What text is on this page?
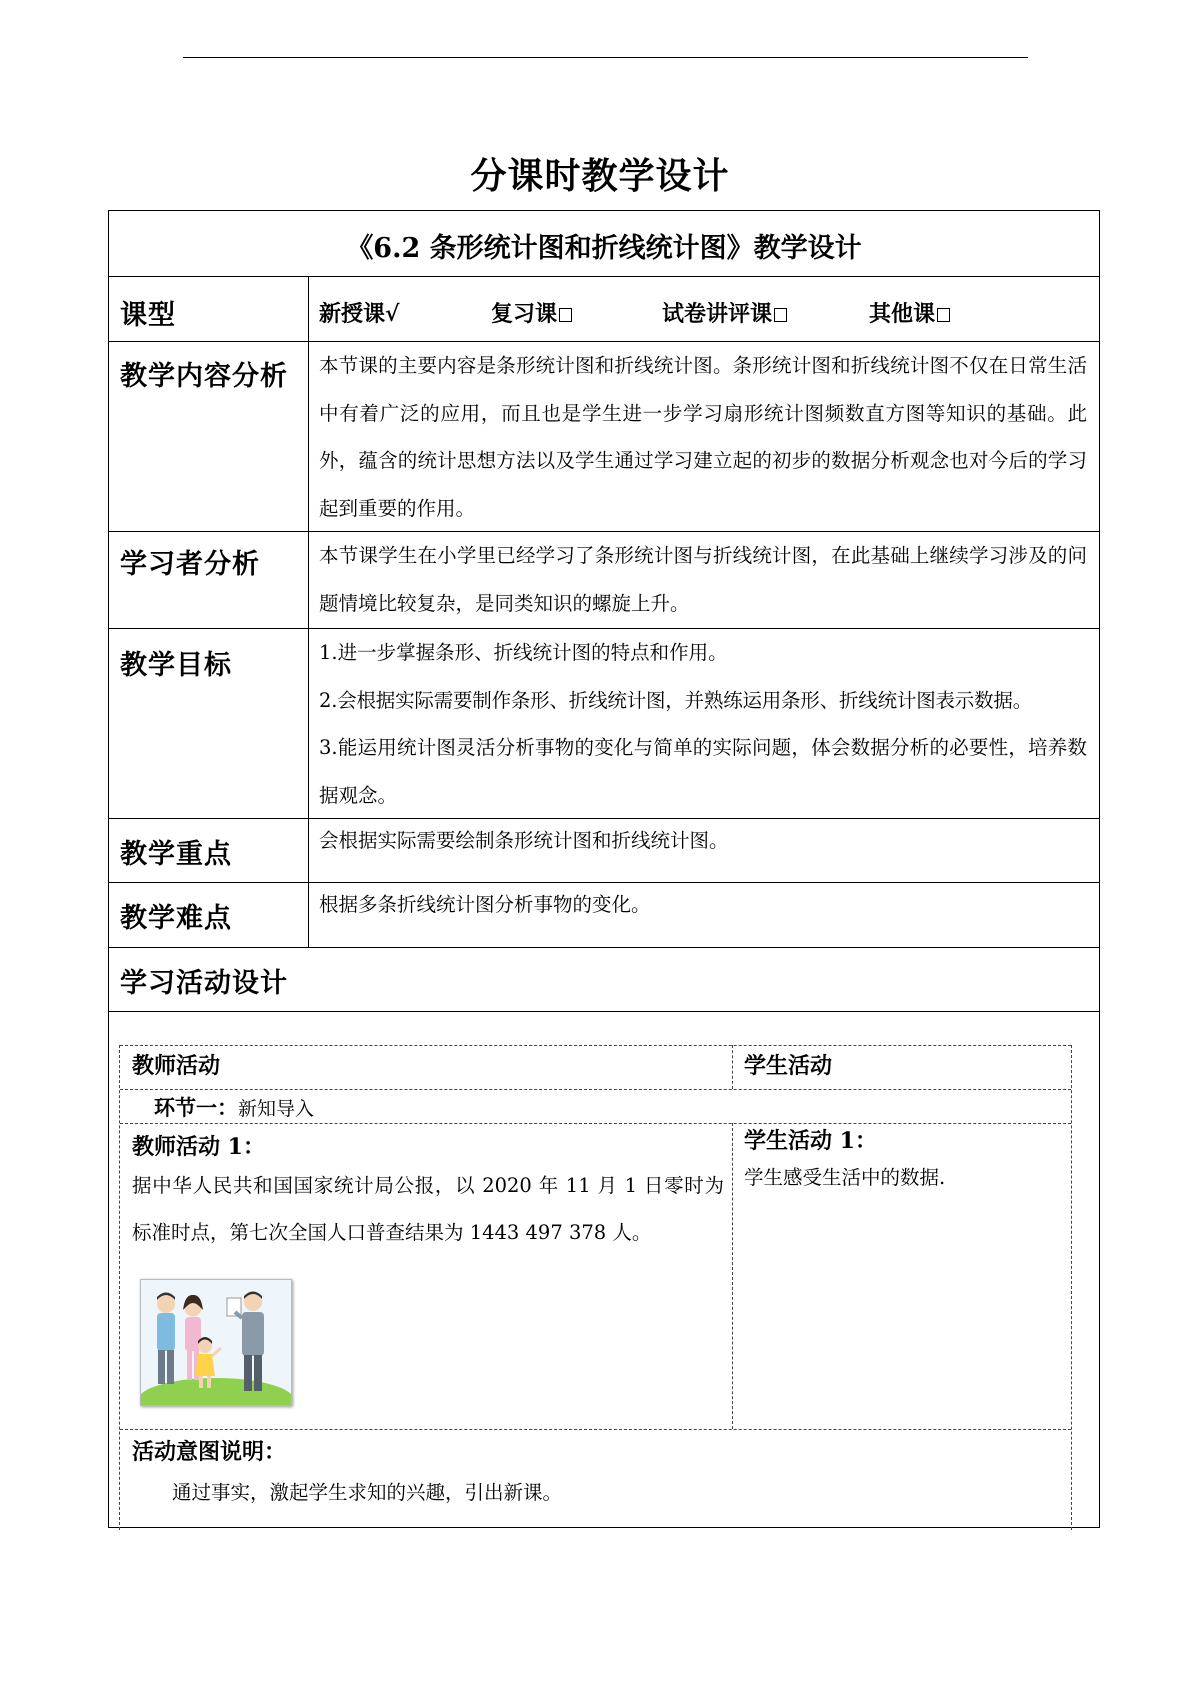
分课时教学设计
《6.2 条形统计图和折线统计图》教学设计
课型	新授课√	复习课	试卷讲评课	其他课
教学内容分析 本节课的主要内容是条形统计图和折线统计图。条形统计图和折线统计图不仅在日常生活中有着广泛的应用，而且也是学生进一步学习扇形统计图频数直方图等知识的基础。此外，蕴含的统计思想方法以及学生通过学习建立起的初步的数据分析观念也对今后的学习起到重要的作用。
学习者分析	本节课学生在小学里已经学习了条形统计图与折线统计图，在此基础上继续学习涉及的问题情境比较复杂，是同类知识的螺旋上升。
教学目标	1.进一步掌握条形、折线统计图的特点和作用。

2.会根据实际需要制作条形、折线统计图，并熟练运用条形、折线统计图表示数据。

3.能运用统计图灵活分析事物的变化与简单的实际问题，体会数据分析的必要性，培养数据观念。

教学重点	会根据实际需要绘制条形统计图和折线统计图。
教学难点	根据多条折线统计图分析事物的变化。
学习活动设计
教师活动	学生活动
环节一：新知导入
教师活动 1：
据中华人民共和国国家统计局公报，以 2020 年 11 月 1 日零时为标准时点，第七次全国人口普查结果为 1443 497 378 人。
学生活动 1：
学生感受生活中的数据.
活动意图说明：
通过事实，激起学生求知的兴趣，引出新课。
